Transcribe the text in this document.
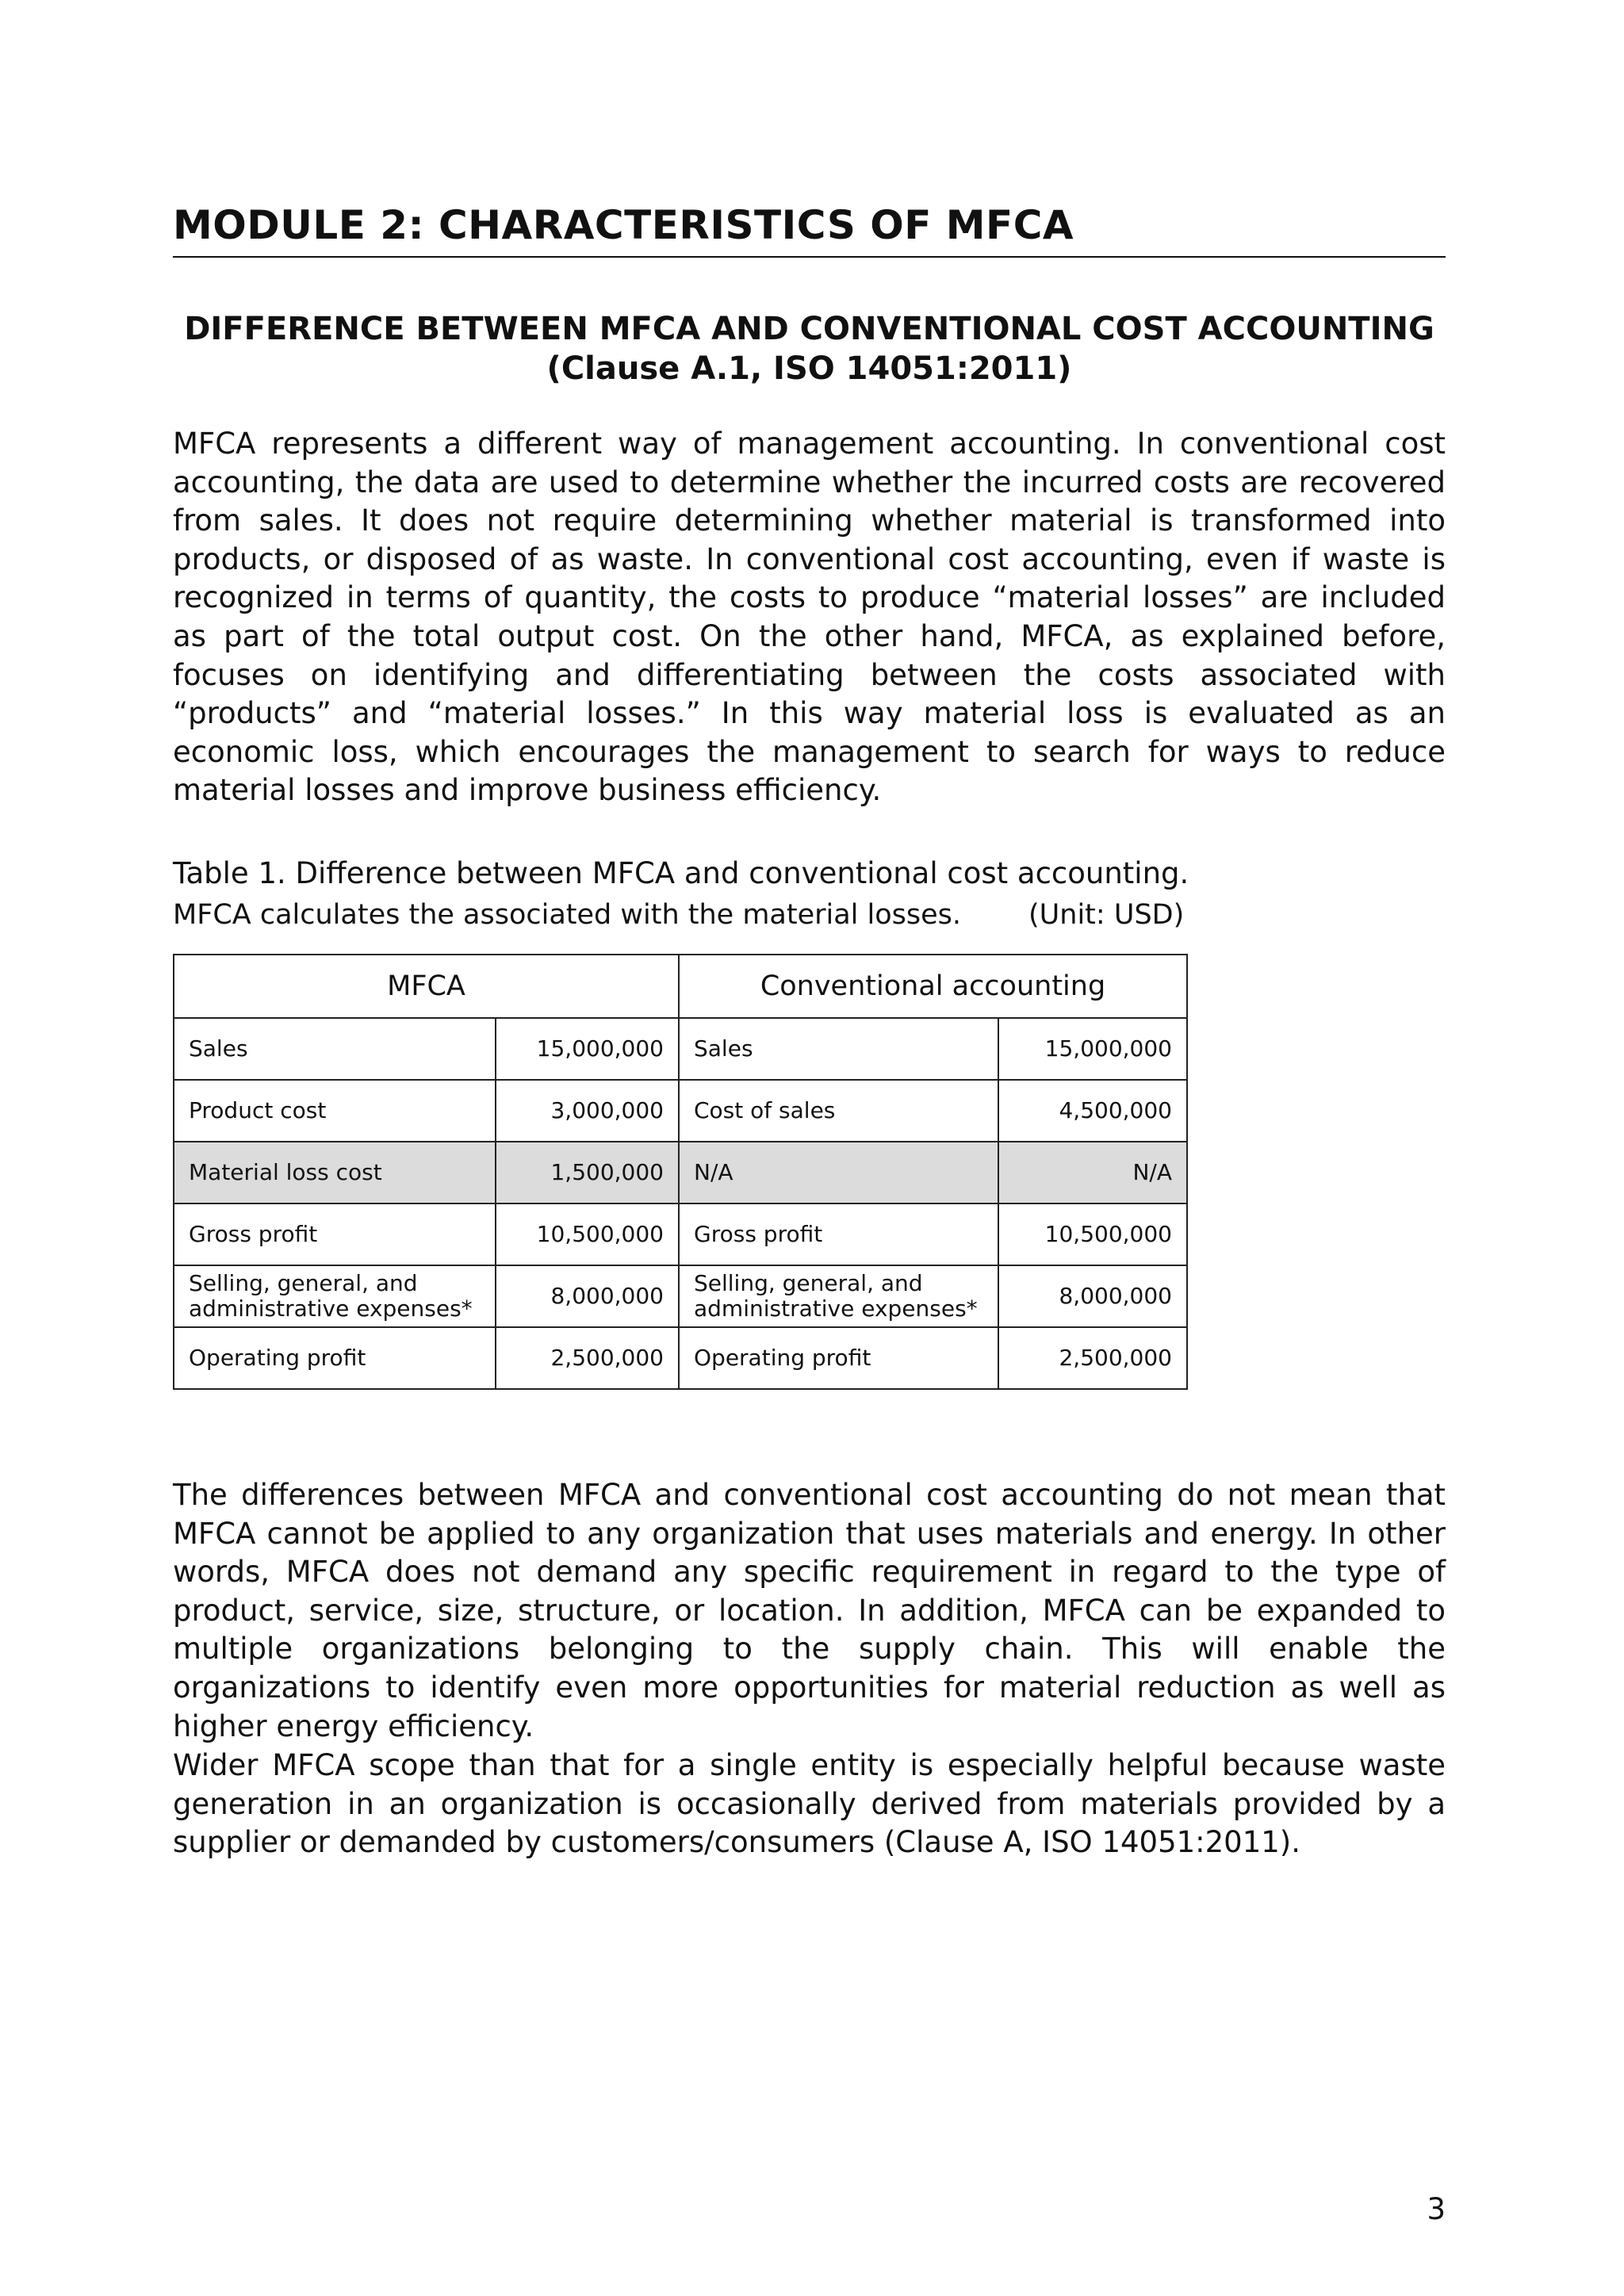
MODULE 2: CHARACTERISTICS OF MFCA
DIFFERENCE BETWEEN MFCA AND CONVENTIONAL COST ACCOUNTING
(Clause A.1, ISO 14051:2011)
MFCA represents a different way of management accounting. In conventional cost accounting, the data are used to determine whether the incurred costs are recovered from sales. It does not require determining whether material is transformed into products, or disposed of as waste. In conventional cost accounting, even if waste is recognized in terms of quantity, the costs to produce “material losses” are included as part of the total output cost. On the other hand, MFCA, as explained before, focuses on identifying and differentiating between the costs associated with “products” and “material losses.” In this way material loss is evaluated as an economic loss, which encourages the management to search for ways to reduce material losses and improve business efficiency.
Table 1. Difference between MFCA and conventional cost accounting.
MFCA calculates the associated with the material losses. (Unit: USD)
MFCA		Conventional accounting	
Sales	15,000,000	Sales	15,000,000
Product cost	3,000,000	Cost of sales	4,500,000
Material loss cost	1,500,000	N/A	N/A
Gross profit	10,500,000	Gross profit	10,500,000
Selling, general, and administrative expenses*	8,000,000	Selling, general, and administrative expenses*	8,000,000
Operating profit	2,500,000	Operating profit	2,500,000
The differences between MFCA and conventional cost accounting do not mean that MFCA cannot be applied to any organization that uses materials and energy. In other words, MFCA does not demand any specific requirement in regard to the type of product, service, size, structure, or location. In addition, MFCA can be expanded to multiple organizations belonging to the supply chain. This will enable the organizations to identify even more opportunities for material reduction as well as higher energy efficiency.
Wider MFCA scope than that for a single entity is especially helpful because waste generation in an organization is occasionally derived from materials provided by a supplier or demanded by customers/consumers (Clause A, ISO 14051:2011).
3
